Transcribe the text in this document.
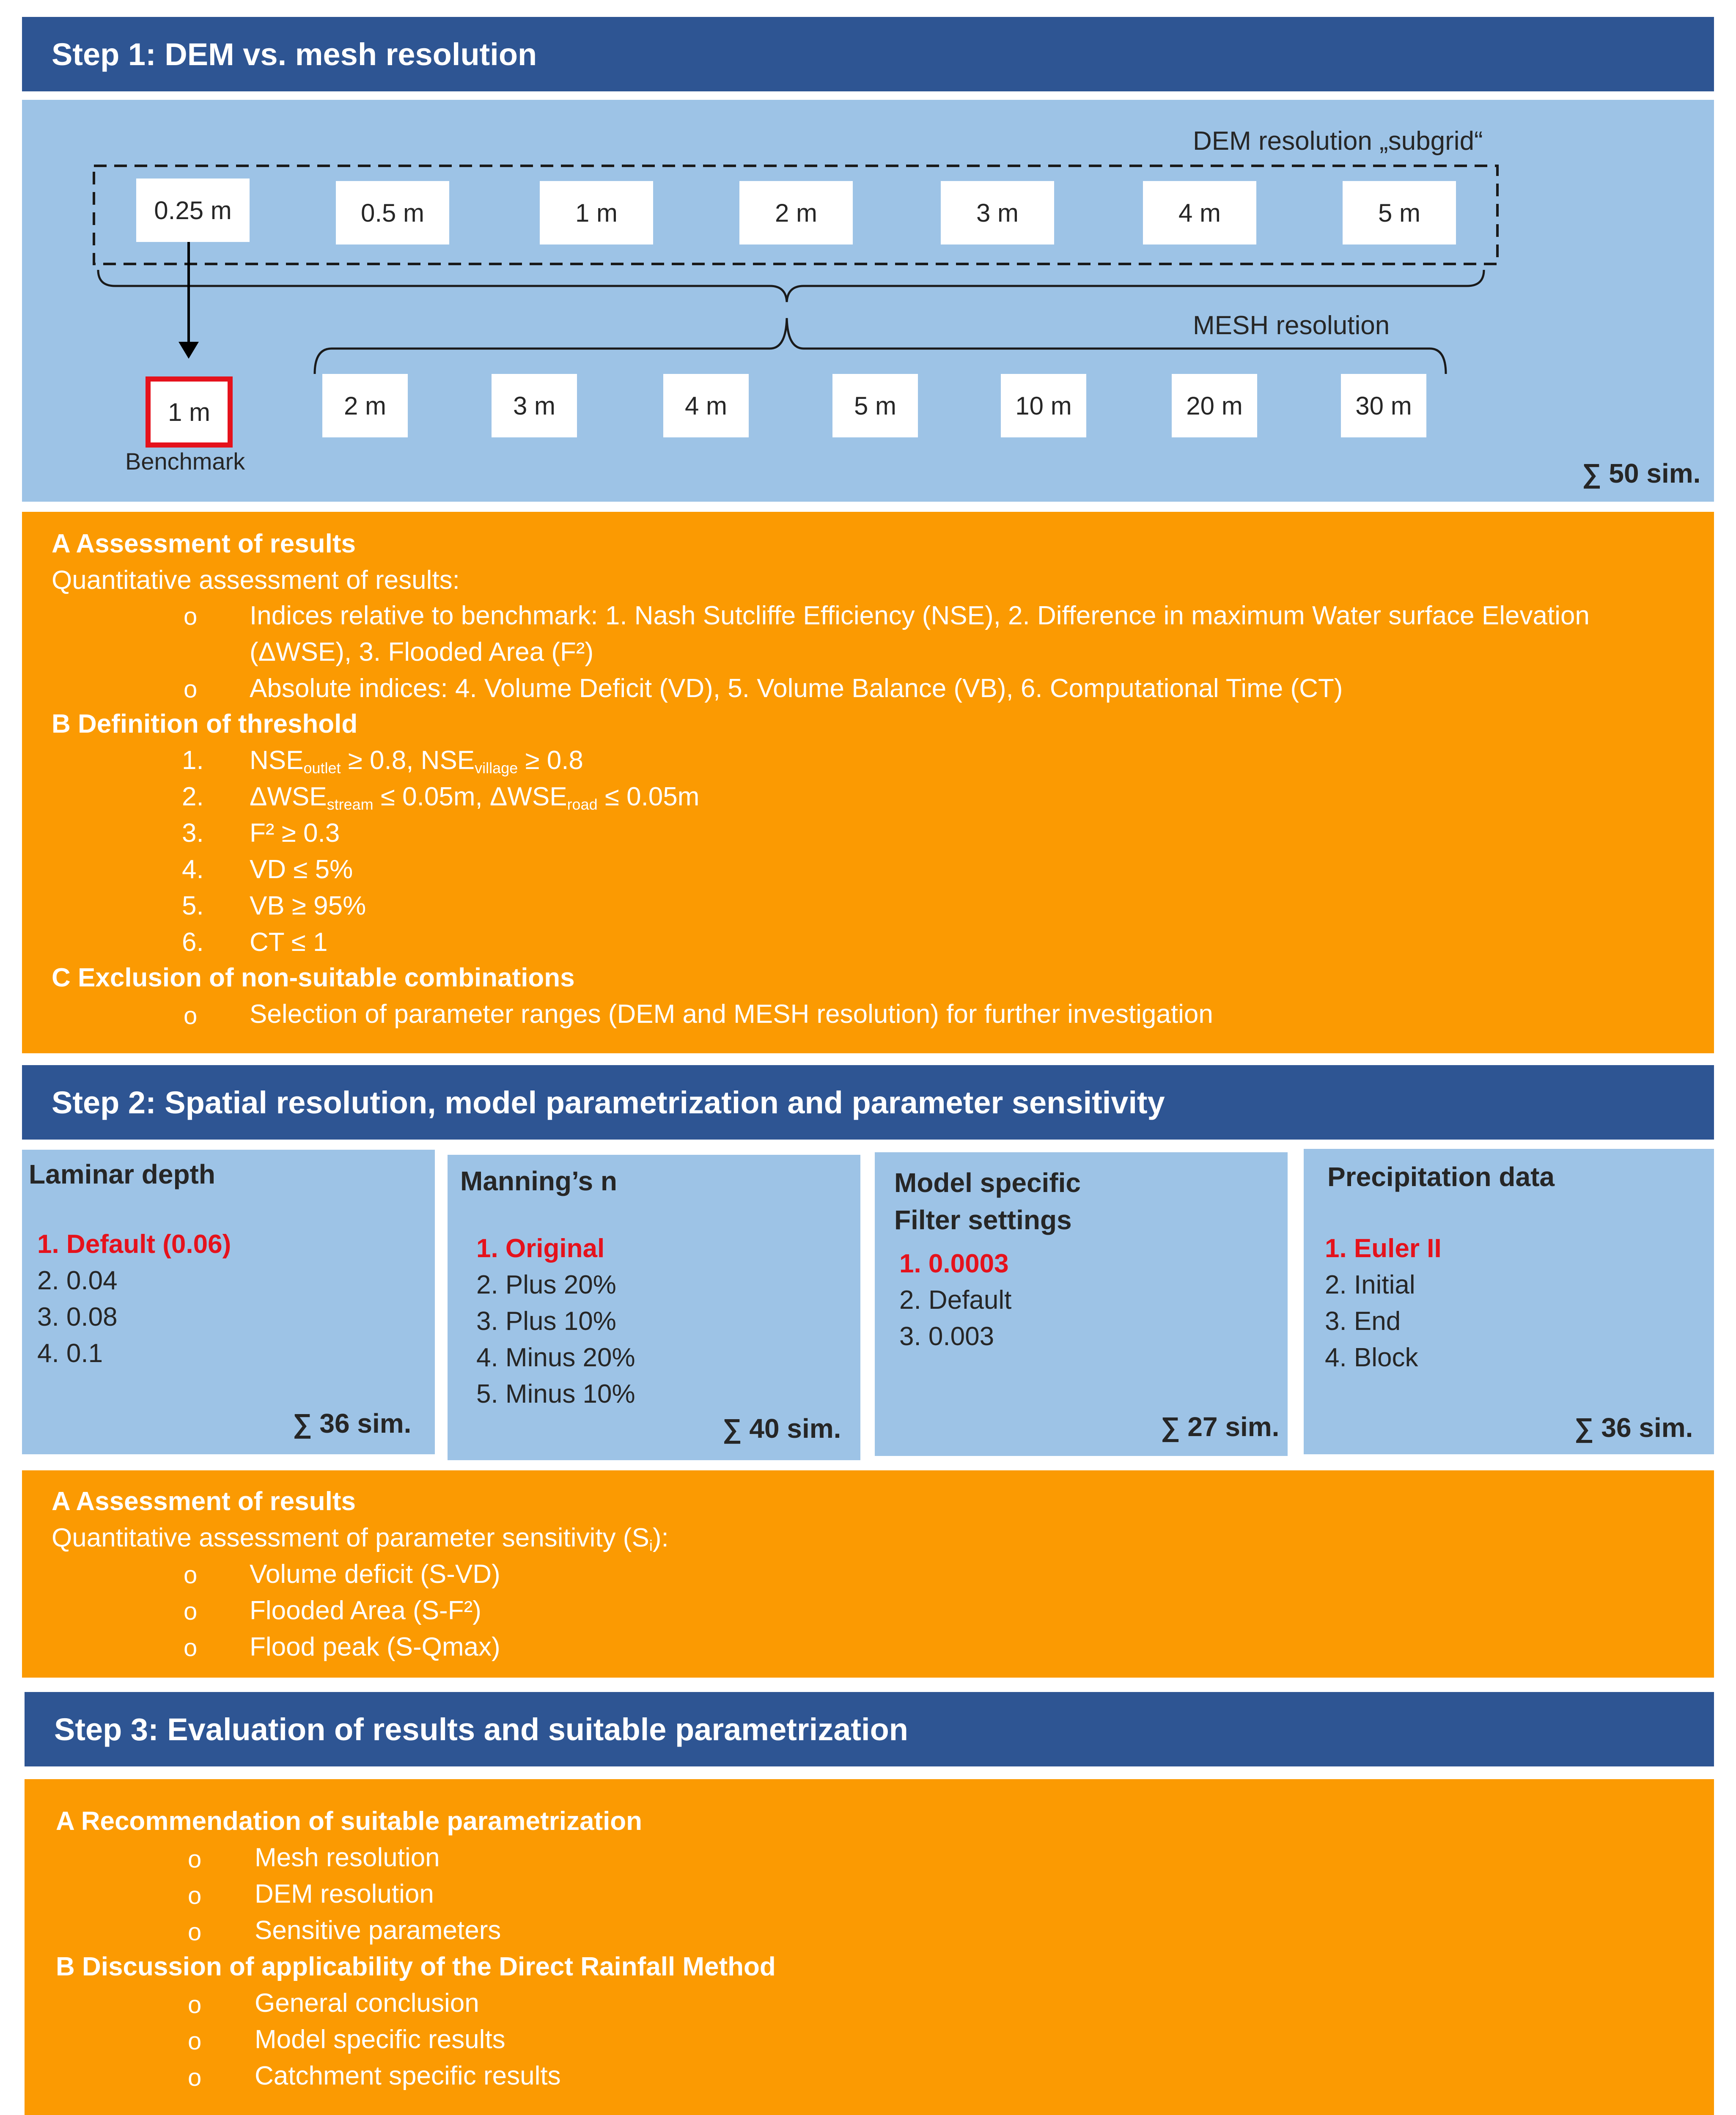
Step 1: DEM vs. mesh resolution
DEM resolution „subgrid“
MESH resolution
0.25 m	0.5 m	1 m	2 m	3 m	4 m	5 m
1 m
Benchmark
2 m	3 m	4 m	5 m	10 m	20 m	30 m
∑ 50 sim.
A Assessment of results
Quantitative assessment of results:
o Indices relative to benchmark: 1. Nash Sutcliffe Efficiency (NSE), 2. Difference in maximum Water surface Elevation
(ΔWSE), 3. Flooded Area (F²)
o Absolute indices: 4. Volume Deficit (VD), 5. Volume Balance (VB), 6. Computational Time (CT)
B Definition of threshold
1. $NSE_{outlet} \ge 0.8$, $NSE_{village} \ge 0.8$
2. $\Delta WSE_{stream} \le 0.05m$, $\Delta WSE_{road} \le 0.05m$
3. F² ≥ 0.3
4. VD ≤ 5%
5. VB ≥ 95%
6. CT ≤ 1
C Exclusion of non-suitable combinations
o Selection of parameter ranges (DEM and MESH resolution) for further investigation
Step 2: Spatial resolution, model parametrization and parameter sensitivity
Laminar depth
1. Default (0.06)
2. 0.04
3. 0.08
4. 0.1
∑ 36 sim.
Manning’s n
1. Original
2. Plus 20%
3. Plus 10%
4. Minus 20%
5. Minus 10%
∑ 40 sim.
Model specific
Filter settings
1. 0.0003
2. Default
3. 0.003
∑ 27 sim.
Precipitation data
1. Euler II
2. Initial
3. End
4. Block
∑ 36 sim.
A Assessment of results
Quantitative assessment of parameter sensitivity $(S_i)$:
o Volume deficit (S-VD)
o Flooded Area (S-F²)
o Flood peak (S-Qmax)
Step 3: Evaluation of results and suitable parametrization
A Recommendation of suitable parametrization
o Mesh resolution
o DEM resolution
o Sensitive parameters
B Discussion of applicability of the Direct Rainfall Method
o General conclusion
o Model specific results
o Catchment specific results
